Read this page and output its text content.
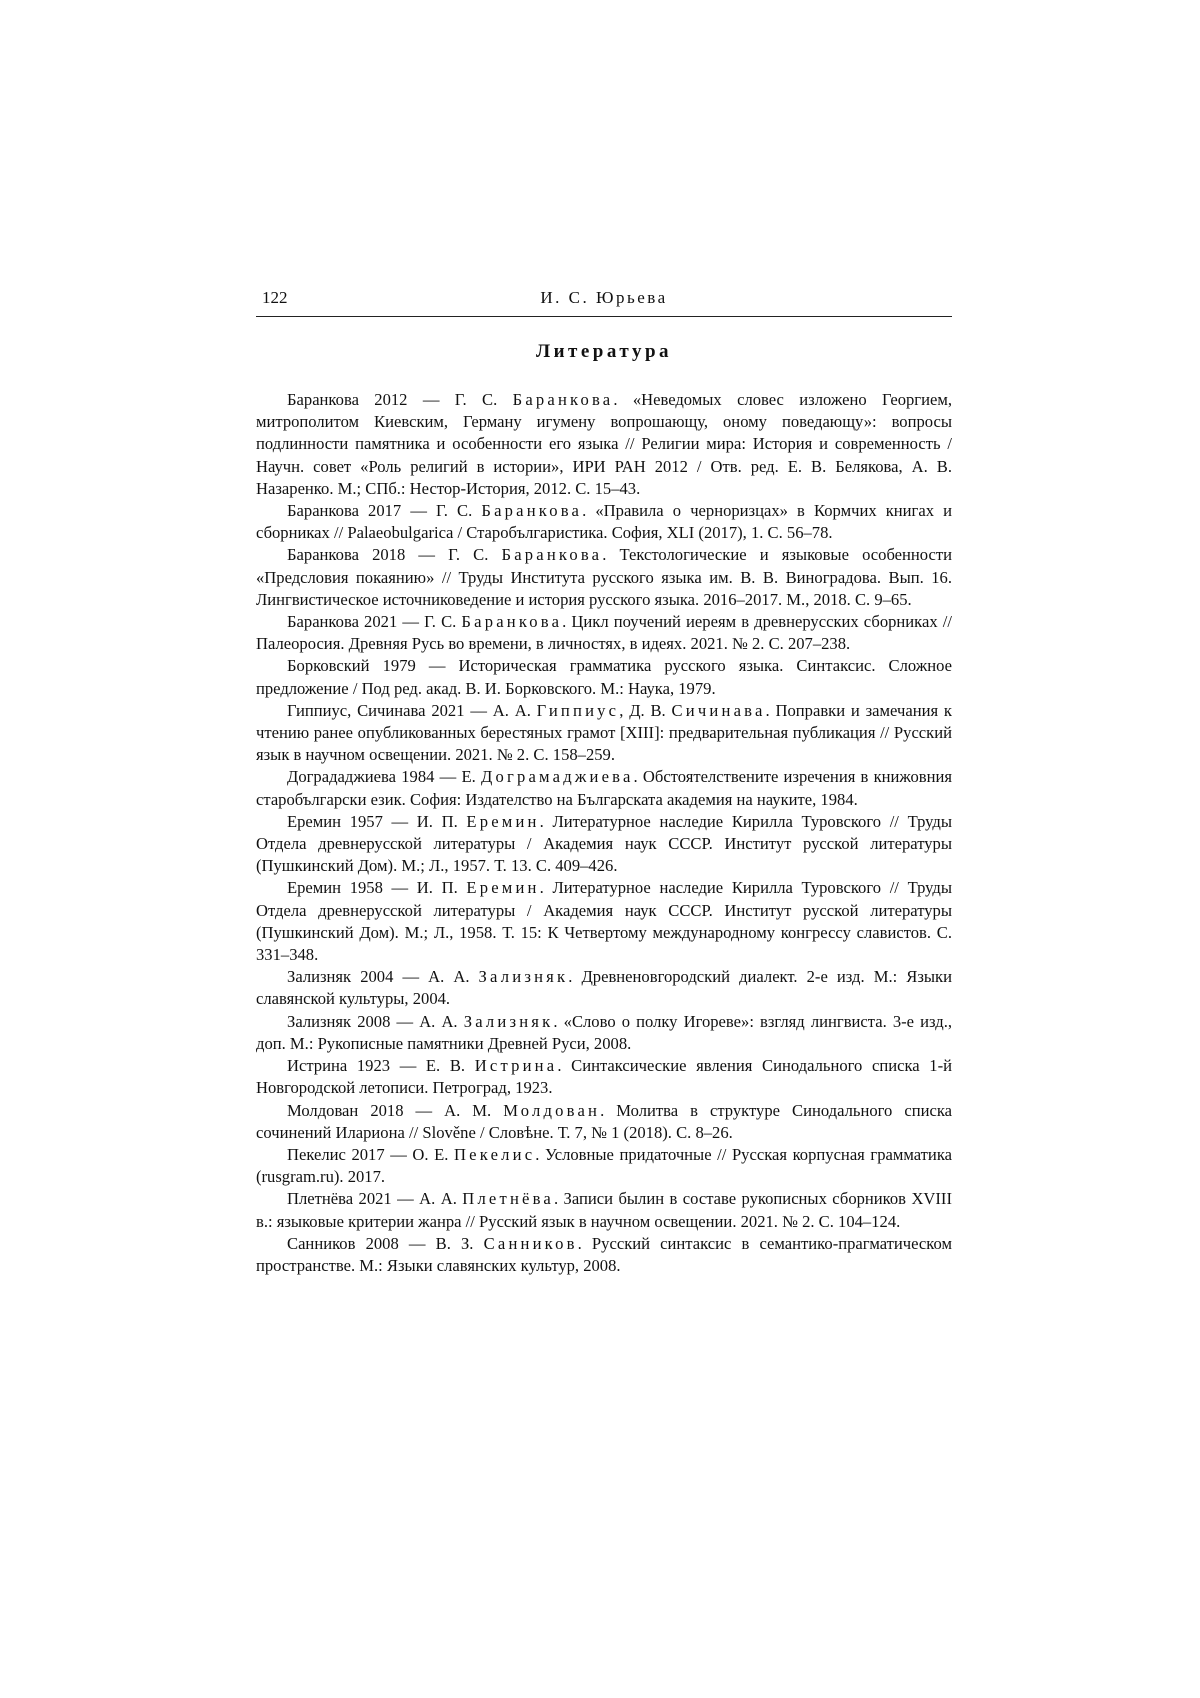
122	И. С. Юрьева
Литература

Баранкова 2012 — Г. С. Баранкова. «Неведомых словес изложено Георгием, митрополитом Киевским, Герману игумену вопрошающу, оному поведающу»: вопросы подлинности памятника и особенности его языка // Религии мира: История и современность / Научн. совет «Роль религий в истории», ИРИ РАН 2012 / Отв. ред. Е. В. Белякова, А. В. Назаренко. М.; СПб.: Нестор-История, 2012. С. 15–43.

Баранкова 2017 — Г. С. Баранкова. «Правила о черноризцах» в Кормчих книгах и сборниках // Palaeobulgarica / Старобългаристика. София, XLI (2017), 1. С. 56–78.

Баранкова 2018 — Г. С. Баранкова. Текстологические и языковые особенности «Предсловия покаянию» // Труды Института русского языка им. В. В. Виноградова. Вып. 16. Лингвистическое источниковедение и история русского языка. 2016–2017. М., 2018. С. 9–65.

Баранкова 2021 — Г. С. Баранкова. Цикл поучений иереям в древнерусских сборниках // Палеоросия. Древняя Русь во времени, в личностях, в идеях. 2021. № 2. С. 207–238.

Борковский 1979 — Историческая грамматика русского языка. Синтаксис. Сложное предложение / Под ред. акад. В. И. Борковского. М.: Наука, 1979.

Гиппиус, Сичинава 2021 — А. А. Гиппиус, Д. В. Сичинава. Поправки и замечания к чтению ранее опубликованных берестяных грамот [XIII]: предварительная публикация // Русский язык в научном освещении. 2021. № 2. С. 158–259.

Доградаджиева 1984 — Е. Дограмаджиева. Обстоятелствените изречения в книжовния старобългарски език. София: Издателство на Българската академия на науките, 1984.

Еремин 1957 — И. П. Еремин. Литературное наследие Кирилла Туровского // Труды Отдела древнерусской литературы / Академия наук СССР. Институт русской литературы (Пушкинский Дом). М.; Л., 1957. Т. 13. С. 409–426.

Еремин 1958 — И. П. Еремин. Литературное наследие Кирилла Туровского // Труды Отдела древнерусской литературы / Академия наук СССР. Институт русской литературы (Пушкинский Дом). М.; Л., 1958. Т. 15: К Четвертому международному конгрессу славистов. С. 331–348.

Зализняк 2004 — А. А. Зализняк. Древненовгородский диалект. 2-е изд. М.: Языки славянской культуры, 2004.

Зализняк 2008 — А. А. Зализняк. «Слово о полку Игореве»: взгляд лингвиста. 3-е изд., доп. М.: Рукописные памятники Древней Руси, 2008.

Истрина 1923 — Е. В. Истрина. Синтаксические явления Синодального списка 1-й Новгородской летописи. Петроград, 1923.

Молдован 2018 — А. М. Молдован. Молитва в структуре Синодального списка сочинений Илариона // Slověne / Словѣне. Т. 7, № 1 (2018). С. 8–26.

Пекелис 2017 — О. Е. Пекелис. Условные придаточные // Русская корпусная грамматика (rusgram.ru). 2017.

Плетнёва 2021 — А. А. Плетнёва. Записи былин в составе рукописных сборников XVIII в.: языковые критерии жанра // Русский язык в научном освещении. 2021. № 2. С. 104–124.

Санников 2008 — В. З. Санников. Русский синтаксис в семантико-прагматическом пространстве. М.: Языки славянских культур, 2008.
